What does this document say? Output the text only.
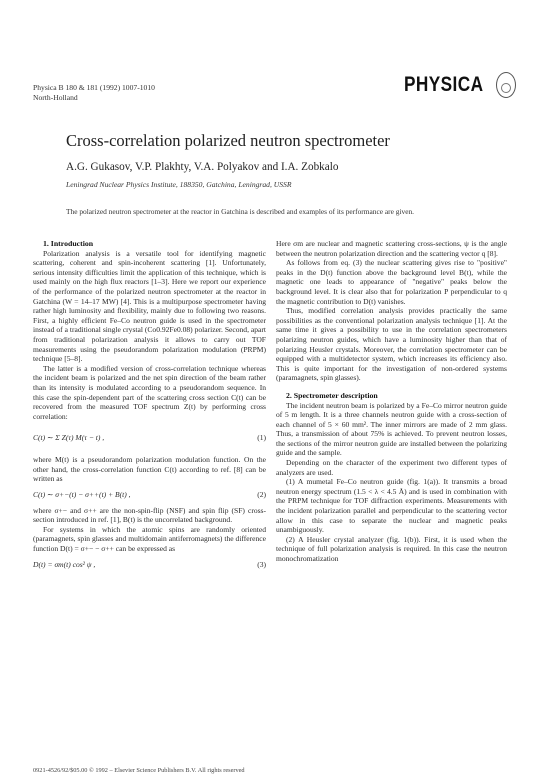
Physica B 180 & 181 (1992) 1007-1010
North-Holland
PHYSICA
Cross-correlation polarized neutron spectrometer
A.G. Gukasov, V.P. Plakhty, V.A. Polyakov and I.A. Zobkalo
Leningrad Nuclear Physics Institute, 188350, Gatchina, Leningrad, USSR
The polarized neutron spectrometer at the reactor in Gatchina is described and examples of its performance are given.

1. Introduction

Polarization analysis is a versatile tool for identifying magnetic scattering, coherent and spin-incoherent scattering [1]. Unfortunately, serious intensity difficulties limit the application of this technique, which is used mainly on the high flux reactors [1–3]. Here we report our experience of the performance of the polarized neutron spectrometer at the reactor in Gatchina (W = 14–17 MW) [4]. This is a multipurpose spectrometer having rather high luminosity and flexibility, mainly due to following two reasons. First, a highly efficient Fe–Co neutron guide is used in the spectrometer instead of a traditional single crystal (Co0.92Fe0.08) polarizer. Second, apart from traditional polarization analysis it allows to carry out TOF measurements using the pseudorandom polarization modulation (PRPM) technique [5–8].

The latter is a modified version of cross-correlation technique whereas the incident beam is polarized and the net spin direction of the beam rather than its intensity is modulated according to a pseudorandom sequence. In this case the spin-dependent part of the scattering cross section C(t) can be recovered from the measured TOF spectrum Z(t) by performing cross correlation:

C(t) ∼ Σ Z(τ) M(τ − t) ,	(1)

where M(t) is a pseudorandom polarization modulation function. On the other hand, the cross-correlation function C(t) according to ref. [8] can be written as

C(t) ∼ σ+−(t) − σ++(t) + B(t) ,	(2)

where σ+− and σ++ are the non-spin-flip (NSF) and spin flip (SF) cross-section introduced in ref. [1], B(t) is the uncorrelated background.

For systems in which the atomic spins are randomly oriented (paramagnets, spin glasses and multidomain antiferromagnets) the difference function D(t) = σ+− − σ++ can be expressed as

D(t) = σm(t) cos² ψ ,	(3)

Here σm are nuclear and magnetic scattering cross-sections, ψ is the angle between the neutron polarization direction and the scattering vector q [8].

As follows from eq. (3) the nuclear scattering gives rise to "positive" peaks in the D(t) function above the background level B(t), while the magnetic one leads to appearance of "negative" peaks below the background level. It is clear also that for polarization P perpendicular to q the magnetic contribution to D(t) vanishes.

Thus, modified correlation analysis provides practically the same possibilities as the conventional polarization analysis technique [1]. At the same time it gives a possibility to use in the correlation spectrometers polarizing neutron guides, which have a luminosity higher than that of polarizing Heusler crystals. Moreover, the correlation spectrometer can be equipped with a multidetector system, which increases its efficiency also. This is quite important for the investigation of non-ordered systems (paramagnets, spin glasses).

2. Spectrometer description

The incident neutron beam is polarized by a Fe–Co mirror neutron guide of 5 m length. It is a three channels neutron guide with a cross-section of each channel of 5 × 60 mm². The inner mirrors are made of 2 mm glass. Thus, a transmission of about 75% is achieved. To prevent neutron losses, the sections of the mirror neutron guide are installed between the polarizing guide and the sample.

Depending on the character of the experiment two different types of analyzers are used.

(1) A mumetal Fe–Co neutron guide (fig. 1(a)). It transmits a broad neutron energy spectrum (1.5 < λ < 4.5 Å) and is used in combination with the PRPM technique for TOF diffraction experiments. Measurements with the incident polarization parallel and perpendicular to the scattering vector allow in this case to separate the nuclear and magnetic peaks unambiguously.

(2) A Heusler crystal analyzer (fig. 1(b)). First, it is used when the technique of full polarization analysis is required. In this case the neutron monochromatization

0921-4526/92/$05.00 © 1992 – Elsevier Science Publishers B.V. All rights reserved
